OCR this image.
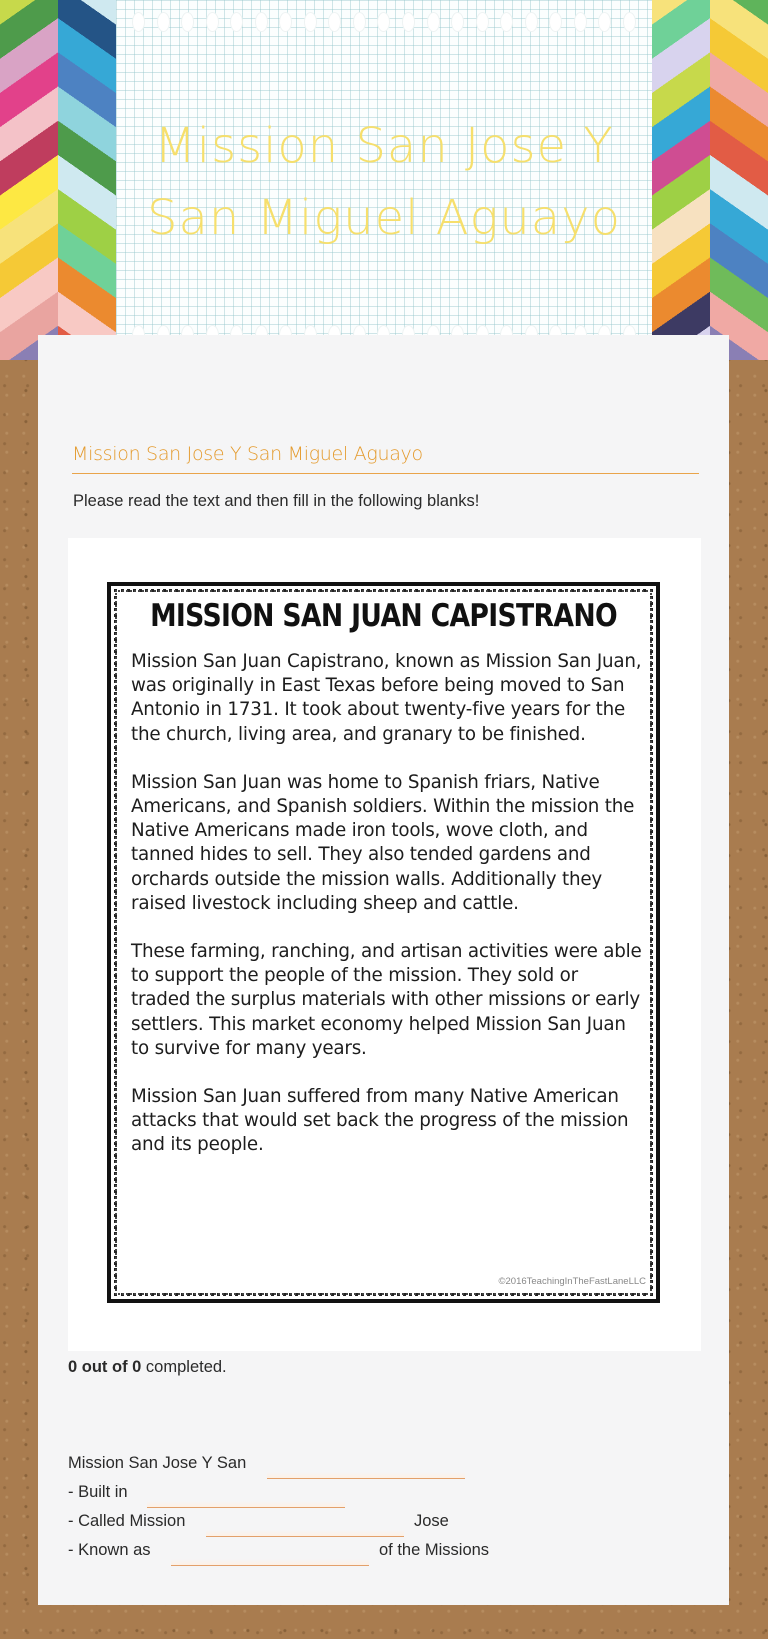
Mission San Jose Y San Miguel Aguayo
Mission San Jose Y San Miguel Aguayo
Please read the text and then fill in the following blanks!
MISSION SAN JUAN CAPISTRANO

Mission San Juan Capistrano, known as Mission San Juan, was originally in East Texas before being moved to San Antonio in 1731. It took about twenty-five years for the the church, living area, and granary to be finished.

Mission San Juan was home to Spanish friars, Native Americans, and Spanish soldiers. Within the mission the Native Americans made iron tools, wove cloth, and tanned hides to sell. They also tended gardens and orchards outside the mission walls. Additionally they raised livestock including sheep and cattle.

These farming, ranching, and artisan activities were able to support the people of the mission. They sold or traded the surplus materials with other missions or early settlers. This market economy helped Mission San Juan to survive for many years.

Mission San Juan suffered from many Native American attacks that would set back the progress of the mission and its people.

©2016TeachingInTheFastLaneLLC
0 out of 0 completed.
Mission San Jose Y San
- Built in
- Called Mission	Jose
- Known as	of the Missions
